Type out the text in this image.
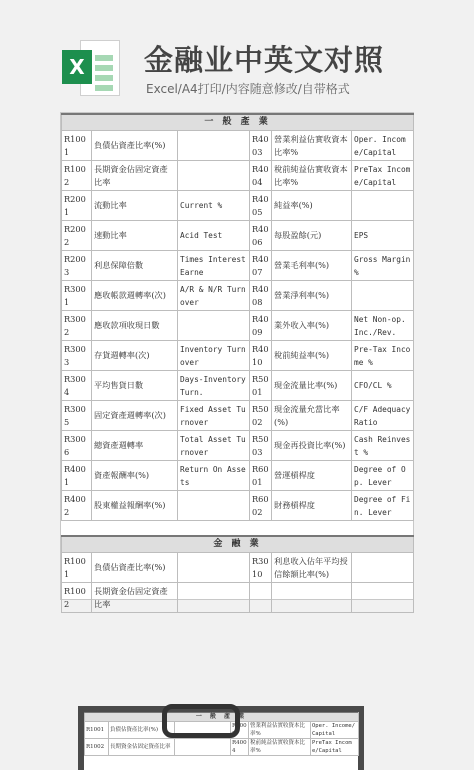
X 金融业中英文对照
Excel/A4打印/内容随意修改/自带格式
一 般 產 業					
R1001	負債佔資產比率(%)		R4003	營業利益佔實收資本比率%	Oper. Income/Capital
R1002	長期資金佔固定資產比率		R4004	稅前純益佔實收資本比率%	PreTax Income/Capital
R2001	流動比率	Current %	R4005	純益率(%)	
R2002	速動比率	Acid Test	R4006	每股盈餘(元)	EPS
R2003	利息保障倍數	Times Interest Earne	R4007	營業毛利率(%)	Gross Margin %
R3001	應收帳款週轉率(次)	A/R & N/R Turnover	R4008	營業淨利率(%)	
R3002	應收款項收現日數		R4009	業外收入率(%)	Net Non-op. Inc./Rev.
R3003	存貨週轉率(次)	Inventory Turnover	R4010	稅前純益率(%)	Pre-Tax Income %
R3004	平均售貨日數	Days-Inventory Turn.	R5001	現金流量比率(%)	CFO/CL %
R3005	固定資產週轉率(次)	Fixed Asset Turnover	R5002	現金流量允當比率(%)	C/F Adequacy Ratio
R3006	總資產週轉率	Total Asset Turnover	R5003	現金再投資比率(%)	Cash Reinvest %
R4001	資產報酬率(%)	Return On Assets	R6001	營運槓桿度	Degree of Op. Lever
R4002	股東權益報酬率(%)		R6002	財務槓桿度	Degree of Fin. Lever

金 融 業					
R1001	負債佔資產比率(%)		R3010	利息收入佔年平均授信餘額比率(%)	
R1002	長期資金佔固定資產比率				
一 般 產 業					
R1001	負債佔資產比率(%)		R4003	營業利益佔實收資本比率%	Oper. Income/Capital
R1002	長期資金佔固定資產比率		R4004	稅前純益佔實收資本比率%	PreTax Income/Capital
